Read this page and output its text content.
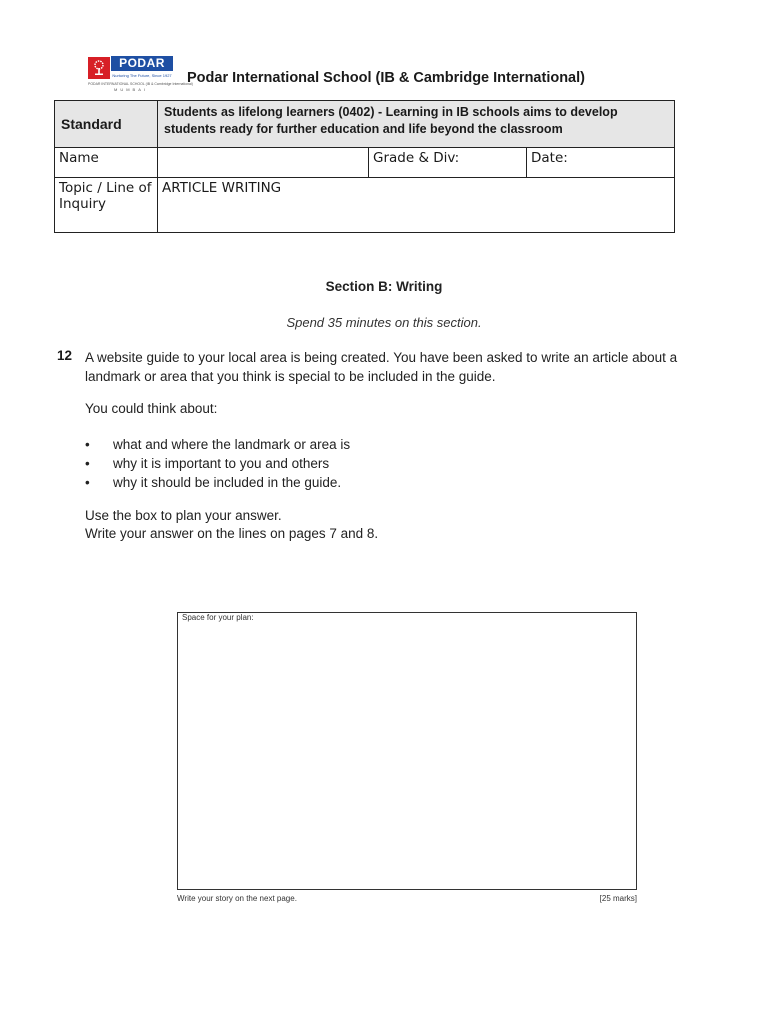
PODAR
Nurturing The Future, Since 1927
PODAR INTERNATIONAL SCHOOL (IB & Cambridge International)
MUMBAI
Podar International School (IB & Cambridge International)
Standard	Students as lifelong learners (0402) - Learning in IB schools aims to develop students ready for further education and life beyond the classroom		
Name		Grade & Div:	Date:
Topic / Line of Inquiry	ARTICLE WRITING		
Section B: Writing
Spend 35 minutes on this section.
12 A website guide to your local area is being created. You have been asked to write an article about a landmark or area that you think is special to be included in the guide.
You could think about:
• what and where the landmark or area is
• why it is important to you and others
• why it should be included in the guide.
Use the box to plan your answer.
Write your answer on the lines on pages 7 and 8.
Space for your plan:
Write your story on the next page.	[25 marks]
